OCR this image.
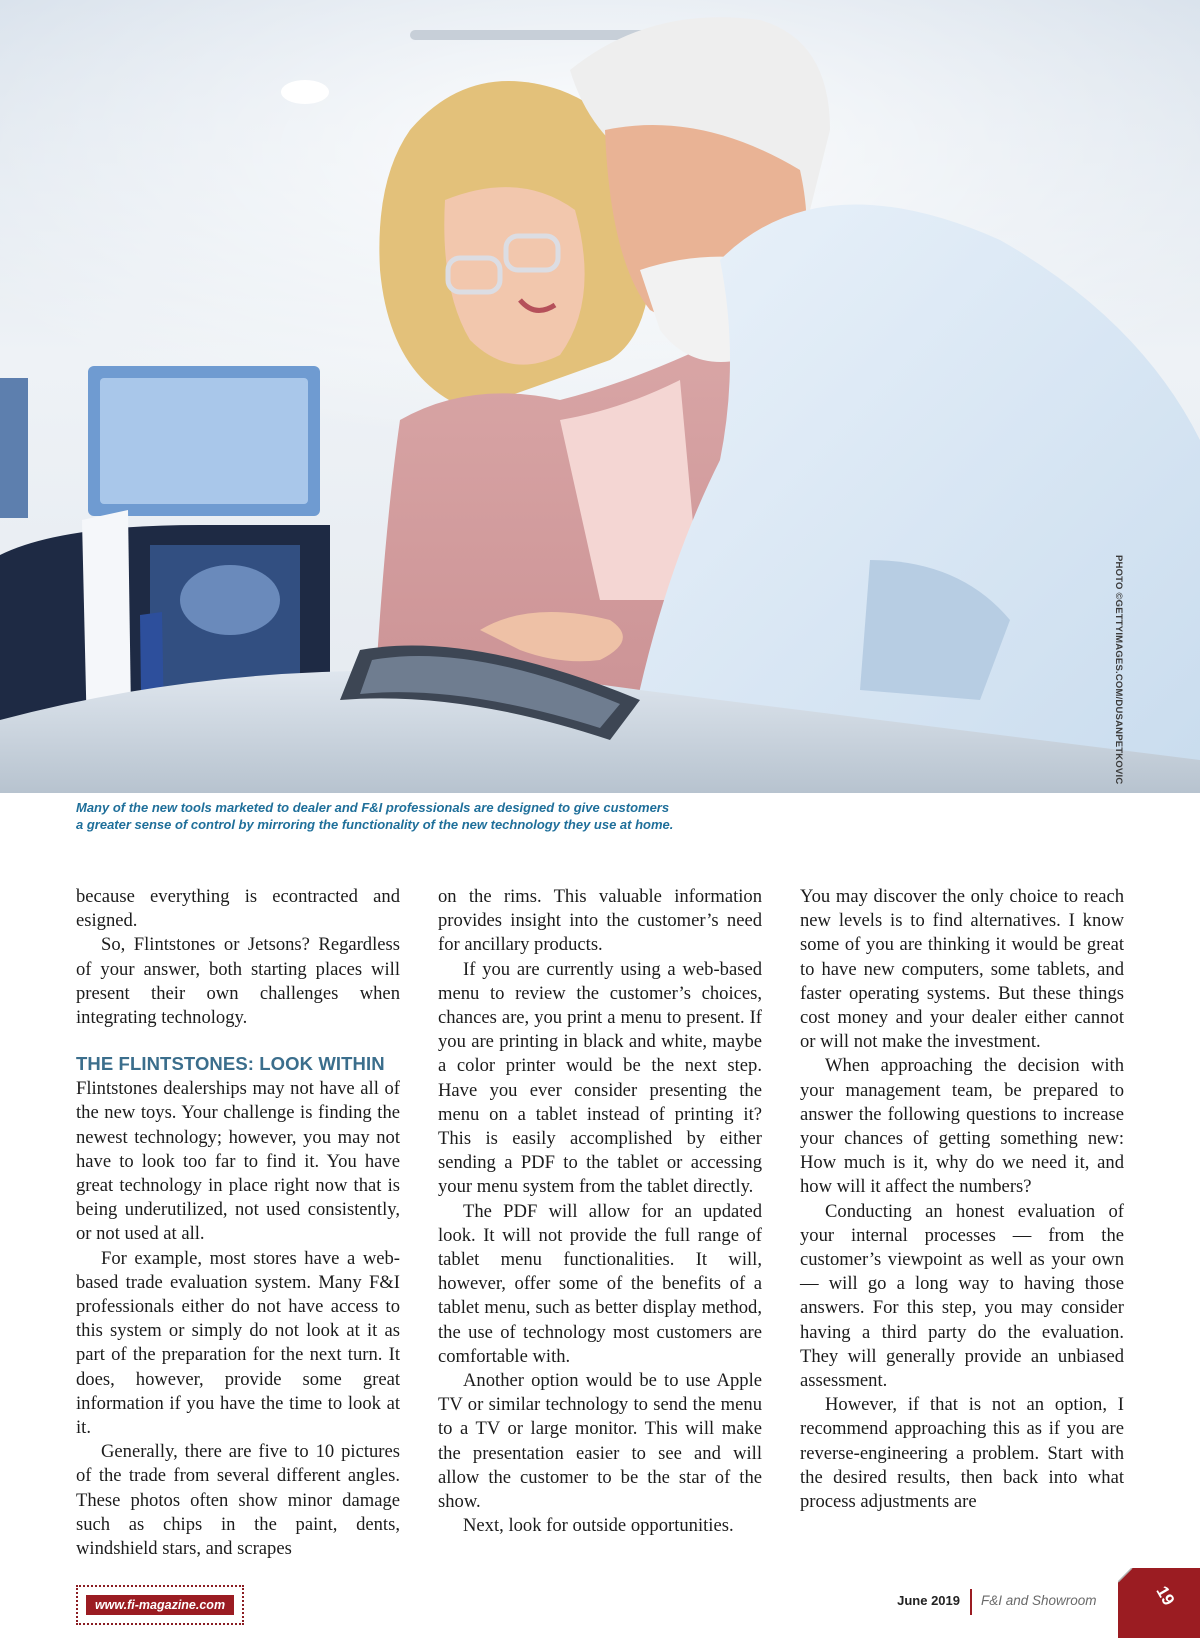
PHOTO ©GETTYIMAGES.COM/DUSANPETKOVIC
Many of the new tools marketed to dealer and F&I professionals are designed to give customers
a greater sense of control by mirroring the functionality of the new technology they use at home.

because everything is econtracted and esigned.

So, Flintstones or Jetsons? Regardless of your answer, both starting places will present their own challenges when integrating technology.

THE FLINTSTONES: LOOK WITHIN

Flintstones dealerships may not have all of the new toys. Your challenge is finding the newest technology; however, you may not have to look too far to find it. You have great technology in place right now that is being underutilized, not used consistently, or not used at all.

For example, most stores have a web-based trade evaluation system. Many F&I professionals either do not have access to this system or simply do not look at it as part of the preparation for the next turn. It does, however, provide some great information if you have the time to look at it.

Generally, there are five to 10 pictures of the trade from several different angles. These photos often show minor damage such as chips in the paint, dents, windshield stars, and scrapes

on the rims. This valuable information provides insight into the customer’s need for ancillary products.

If you are currently using a web-based menu to review the customer’s choices, chances are, you print a menu to present. If you are printing in black and white, maybe a color printer would be the next step. Have you ever consider presenting the menu on a tablet instead of printing it? This is easily accomplished by either sending a PDF to the tablet or accessing your menu system from the tablet directly.

The PDF will allow for an updated look. It will not provide the full range of tablet menu functionalities. It will, however, offer some of the benefits of a tablet menu, such as better display method, the use of technology most customers are comfortable with.

Another option would be to use Apple TV or similar technology to send the menu to a TV or large monitor. This will make the presentation easier to see and will allow the customer to be the star of the show.

Next, look for outside opportunities.

You may discover the only choice to reach new levels is to find alternatives. I know some of you are thinking it would be great to have new computers, some tablets, and faster operating systems. But these things cost money and your dealer either cannot or will not make the investment.

When approaching the decision with your management team, be prepared to answer the following questions to increase your chances of getting something new: How much is it, why do we need it, and how will it affect the numbers?

Conducting an honest evaluation of your internal processes — from the customer’s viewpoint as well as your own — will go a long way to having those answers. For this step, you may consider having a third party do the evaluation. They will generally provide an unbiased assessment.

However, if that is not an option, I recommend approaching this as if you are reverse-engineering a problem. Start with the desired results, then back into what process adjustments are

www.fi-magazine.com	June 2019 F&I and Showroom	19
